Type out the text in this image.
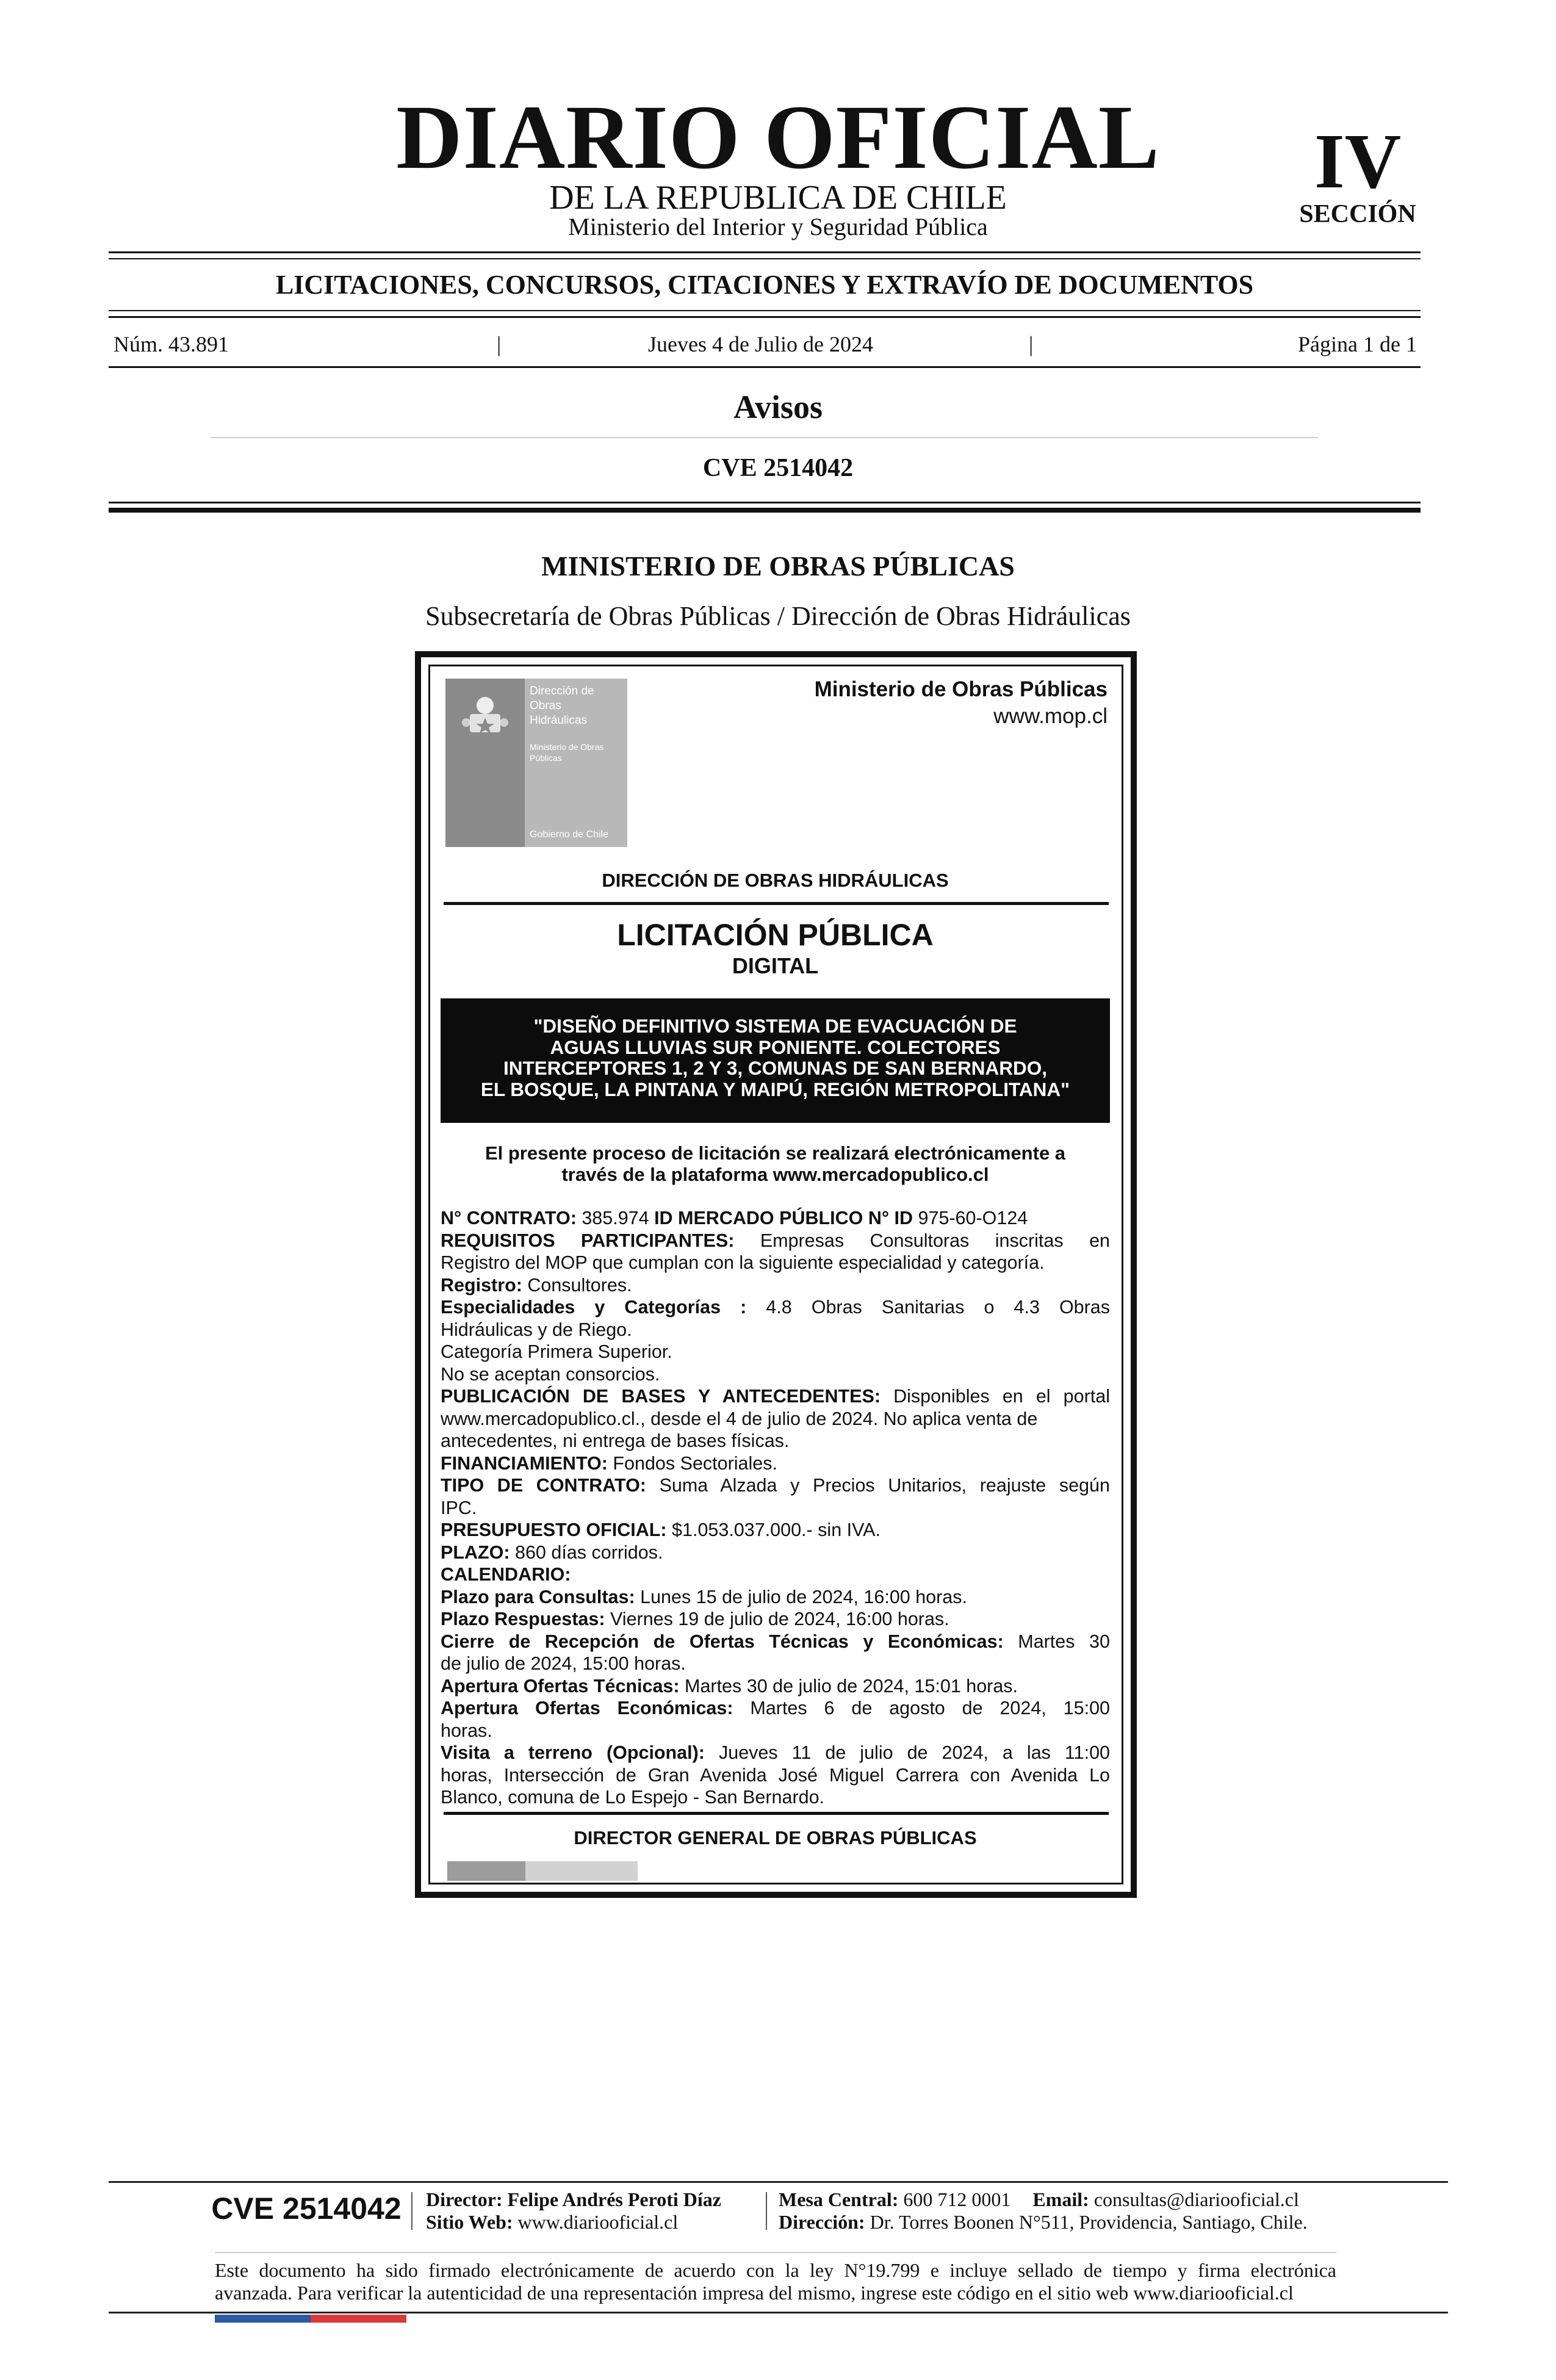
DIARIO OFICIAL
DE LA REPUBLICA DE CHILE
Ministerio del Interior y Seguridad Pública
IV
SECCIÓN
LICITACIONES, CONCURSOS, CITACIONES Y EXTRAVÍO DE DOCUMENTOS
Núm. 43.891	|	Jueves 4 de Julio de 2024	|	Página 1 de 1
Avisos
CVE 2514042
MINISTERIO DE OBRAS PÚBLICAS
Subsecretaría de Obras Públicas / Dirección de Obras Hidráulicas
Dirección de
Obras
Hidráulicas
Ministerio de Obras
Públicas
Gobierno de Chile
Ministerio de Obras Públicas
www.mop.cl
DIRECCIÓN DE OBRAS HIDRÁULICAS
LICITACIÓN PÚBLICA
DIGITAL
"DISEÑO DEFINITIVO SISTEMA DE EVACUACIÓN DE
AGUAS LLUVIAS SUR PONIENTE. COLECTORES
INTERCEPTORES 1, 2 Y 3, COMUNAS DE SAN BERNARDO,
EL BOSQUE, LA PINTANA Y MAIPÚ, REGIÓN METROPOLITANA"
El presente proceso de licitación se realizará electrónicamente a
través de la plataforma www.mercadopublico.cl
N° CONTRATO: 385.974 ID MERCADO PÚBLICO N° ID 975-60-O124
REQUISITOS PARTICIPANTES: Empresas Consultoras inscritas en
Registro del MOP que cumplan con la siguiente especialidad y categoría.
Registro: Consultores.
Especialidades y Categorías : 4.8 Obras Sanitarias o 4.3 Obras
Hidráulicas y de Riego.
Categoría Primera Superior.
No se aceptan consorcios.
PUBLICACIÓN DE BASES Y ANTECEDENTES: Disponibles en el portal
www.mercadopublico.cl., desde el 4 de julio de 2024. No aplica venta de
antecedentes, ni entrega de bases físicas.
FINANCIAMIENTO: Fondos Sectoriales.
TIPO DE CONTRATO: Suma Alzada y Precios Unitarios, reajuste según
IPC.
PRESUPUESTO OFICIAL: $1.053.037.000.- sin IVA.
PLAZO: 860 días corridos.
CALENDARIO:
Plazo para Consultas: Lunes 15 de julio de 2024, 16:00 horas.
Plazo Respuestas: Viernes 19 de julio de 2024, 16:00 horas.
Cierre de Recepción de Ofertas Técnicas y Económicas: Martes 30
de julio de 2024, 15:00 horas.
Apertura Ofertas Técnicas: Martes 30 de julio de 2024, 15:01 horas.
Apertura Ofertas Económicas: Martes 6 de agosto de 2024, 15:00
horas.
Visita a terreno (Opcional): Jueves 11 de julio de 2024, a las 11:00
horas, Intersección de Gran Avenida José Miguel Carrera con Avenida Lo
Blanco, comuna de Lo Espejo - San Bernardo.
DIRECTOR GENERAL DE OBRAS PÚBLICAS
CVE 2514042 Director: Felipe Andrés Peroti Díaz
Sitio Web: www.diariooficial.cl
Mesa Central: 600 712 0001 Email: consultas@diariooficial.cl
Dirección: Dr. Torres Boonen N°511, Providencia, Santiago, Chile.
Este documento ha sido firmado electrónicamente de acuerdo con la ley N°19.799 e incluye sellado de tiempo y firma electrónica
avanzada. Para verificar la autenticidad de una representación impresa del mismo, ingrese este código en el sitio web www.diariooficial.cl
